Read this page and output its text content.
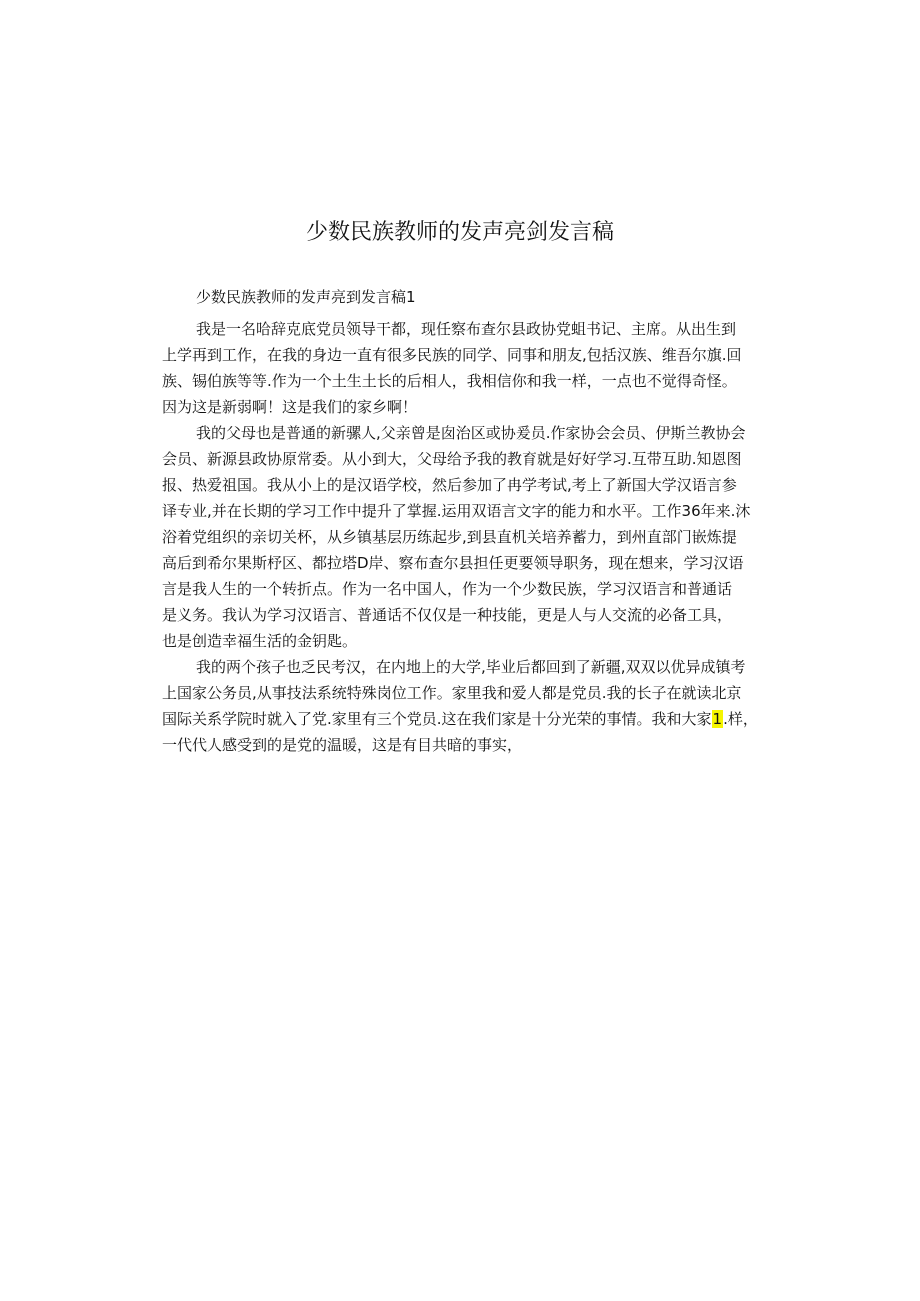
少数民族教师的发声亮剑发言稿
少数民族教师的发声亮到发言稿1
我是一名哈辞克底党员领导干都，现任察布查尔县政协党蛆书记、主席。从出生到
上学再到工作，在我的身边一直有很多民族的同学、同事和朋友,包括汉族、维吾尔旗.回
族、锡伯族等等.作为一个土生土长的后相人，我相信你和我一样，一点也不觉得奇怪。
因为这是新弱啊！这是我们的家乡啊！
我的父母也是普通的新骡人,父亲曾是囱治区或协爰员.作家协会会员、伊斯兰教协会
会员、新源县政协原常委。从小到大，父母给予我的教育就是好好学习.互带互助.知恩图
报、热爱祖国。我从小上的是汉语学校，然后参加了冉学考试,考上了新国大学汉语言参
译专业,并在长期的学习工作中提升了掌握.运用双语言文字的能力和水平。工作36年来.沐
浴着党组织的亲切关杯，从乡镇基层历练起步,到县直机关培养蓄力，到州直部门嵌炼提
高后到希尔果斯杼区、都拉塔D岸、察布查尔县担任更要领导职务，现在想来，学习汉语
言是我人生的一个转折点。作为一名中国人，作为一个少数民族，学习汉语言和普通话
是义务。我认为学习汉语言、普通话不仅仅是一种技能，更是人与人交流的必备工具，
也是创造幸福生活的金钥匙。
我的两个孩子也乏民考汉，在内地上的大学,毕业后都回到了新疆,双双以优异成镇考
上国家公务员,从事技法系统特殊岗位工作。家里我和爱人都是党员.我的长子在就读北京
国际关系学院时就入了党.家里有三个党员.这在我们家是十分光荣的事情。我和大家1.样，
一代代人感受到的是党的温暖，这是有目共暗的事实，
